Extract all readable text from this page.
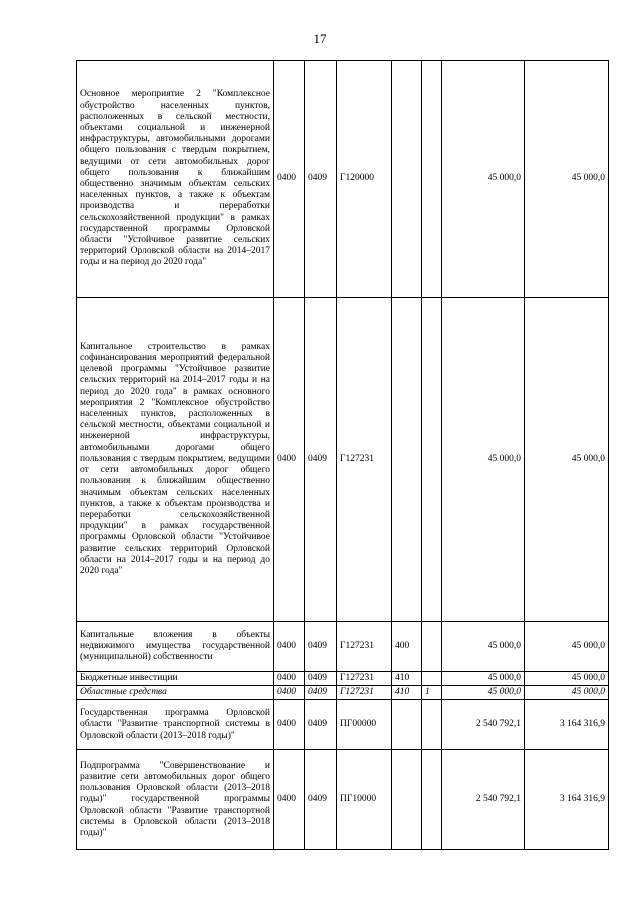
17
Основное мероприятие 2 "Комплексное обустройство населенных пунктов, расположенных в сельской местности, объектами социальной и инженерной инфраструктуры, автомобильными дорогами общего пользования с твердым покрытием, ведущими от сети автомобильных дорог общего пользования к ближайшим общественно значимым объектам сельских населенных пунктов, а также к объектам производства и переработки сельскохозяйственной продукции" в рамках государственной программы Орловской области "Устойчивое развитие сельских территорий Орловской области на 2014–2017 годы и на период до 2020 года"	0400	0409	Г120000			45 000,0	45 000,0
Капитальное строительство в рамках софинансирования мероприятий федеральной целевой программы "Устойчивое развитие сельских территорий на 2014–2017 годы и на период до 2020 года" в рамках основного мероприятия 2 "Комплексное обустройство населенных пунктов, расположенных в сельской местности, объектами социальной и инженерной инфраструктуры, автомобильными дорогами общего пользования с твердым покрытием, ведущими от сети автомобильных дорог общего пользования к ближайшим общественно значимым объектам сельских населенных пунктов, а также к объектам производства и переработки сельскохозяйственной продукции" в рамках государственной программы Орловской области "Устойчивое развитие сельских территорий Орловской области на 2014–2017 годы и на период до 2020 года"	0400	0409	Г127231			45 000,0	45 000,0
Капитальные вложения в объекты недвижимого имущества государственной (муниципальной) собственности	0400	0409	Г127231	400		45 000,0	45 000,0
Бюджетные инвестиции	0400	0409	Г127231	410		45 000,0	45 000,0
Областные средства	0400	0409	Г127231	410	1	45 000,0	45 000,0
Государственная программа Орловской области "Развитие транспортной системы в Орловской области (2013–2018 годы)"	0400	0409	ПГ00000			2 540 792,1	3 164 316,9
Подпрограмма "Совершенствование и развитие сети автомобильных дорог общего пользования Орловской области (2013–2018 годы)" государственной программы Орловской области "Развитие транспортной системы в Орловской области (2013–2018 годы)"	0400	0409	ПГ10000			2 540 792,1	3 164 316,9
